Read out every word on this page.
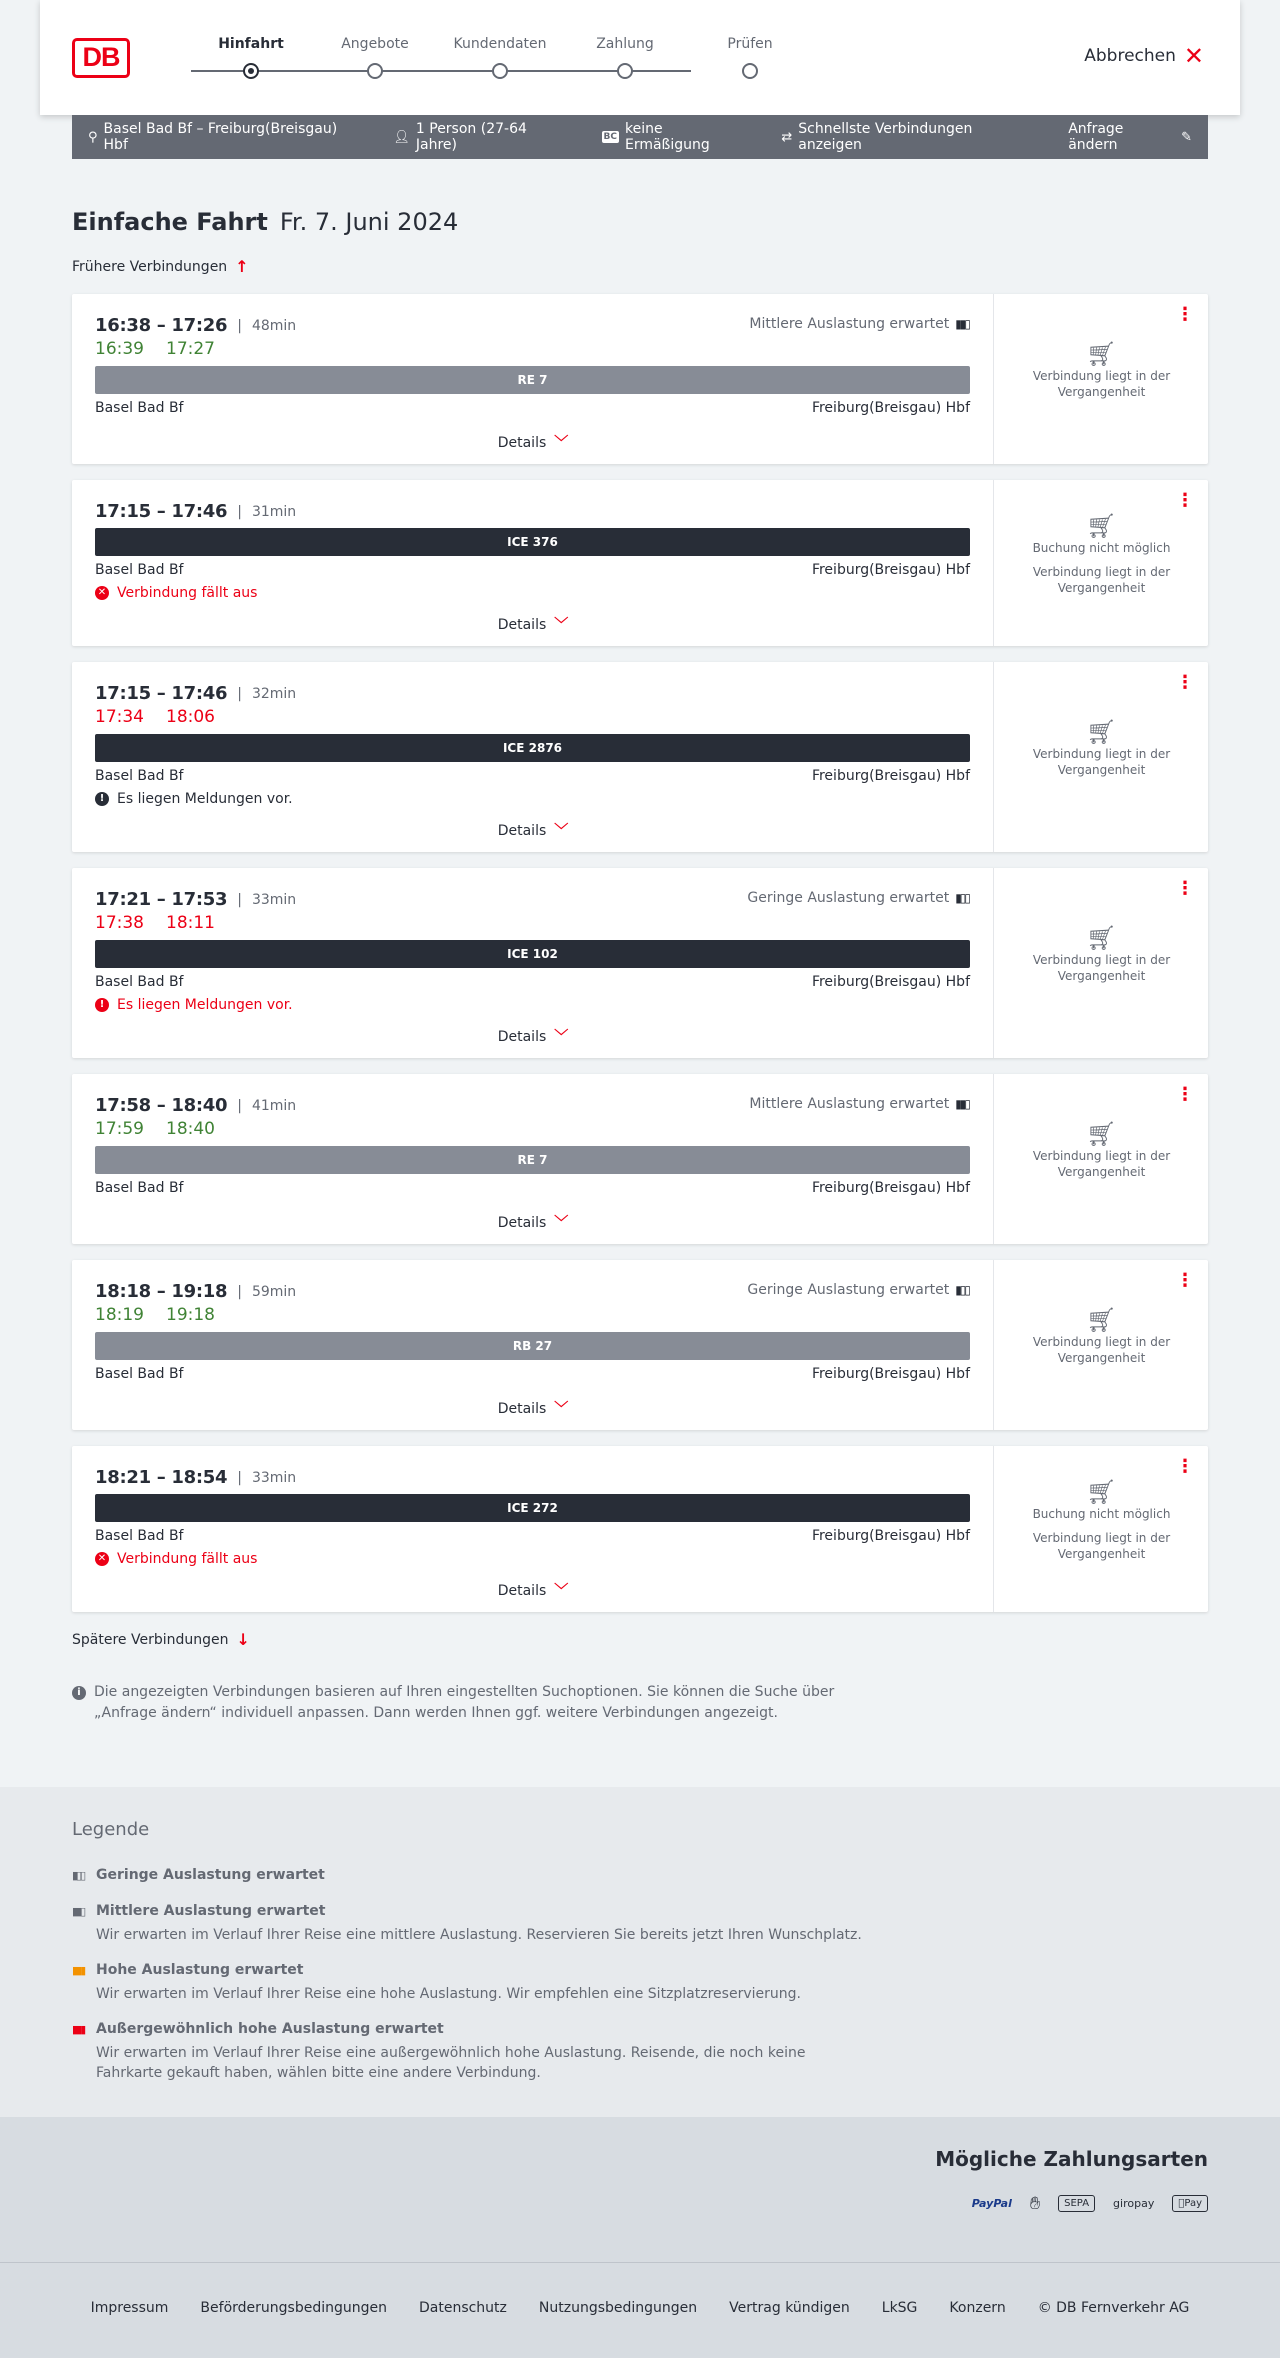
DB	Hinfahrt	Angebote	Kundendaten	Zahlung	Prüfen
Abbrechen ✕
⚲ Basel Bad Bf – Freiburg(Breisgau) Hbf	👤︎ 1 Person (27-64 Jahre)	BC keine Ermäßigung	⇄ Schnellste Verbindungen anzeigen
Anfrage ändern	✎
Einfache Fahrt Fr. 7. Juni 2024
Frühere Verbindungen ↑
16:38 – 17:26 | 48min
16:39 17:27
Mittlere Auslastung erwartet ▮▮▯
RE 7
Basel Bad Bf	Freiburg(Breisgau) Hbf
Details ﹀
⋮
🛒︎

Verbindung liegt in der Vergangenheit

17:15 – 17:46 | 31min
ICE 376
Basel Bad Bf	Freiburg(Breisgau) Hbf
✕ Verbindung fällt aus
Details ﹀
⋮
🛒︎

Buchung nicht möglich

Verbindung liegt in der Vergangenheit

17:15 – 17:46 | 32min
17:34 18:06
ICE 2876
Basel Bad Bf	Freiburg(Breisgau) Hbf
! Es liegen Meldungen vor.
Details ﹀
⋮
🛒︎

Verbindung liegt in der Vergangenheit

17:21 – 17:53 | 33min
17:38 18:11
Geringe Auslastung erwartet ▮▯▯
ICE 102
Basel Bad Bf	Freiburg(Breisgau) Hbf
! Es liegen Meldungen vor.
Details ﹀
⋮
🛒︎

Verbindung liegt in der Vergangenheit

17:58 – 18:40 | 41min
17:59 18:40
Mittlere Auslastung erwartet ▮▮▯
RE 7
Basel Bad Bf	Freiburg(Breisgau) Hbf
Details ﹀
⋮
🛒︎

Verbindung liegt in der Vergangenheit

18:18 – 19:18 | 59min
18:19 19:18
Geringe Auslastung erwartet ▮▯▯
RB 27
Basel Bad Bf	Freiburg(Breisgau) Hbf
Details ﹀
⋮
🛒︎

Verbindung liegt in der Vergangenheit

18:21 – 18:54 | 33min
ICE 272
Basel Bad Bf	Freiburg(Breisgau) Hbf
✕ Verbindung fällt aus
Details ﹀
⋮
🛒︎

Buchung nicht möglich

Verbindung liegt in der Vergangenheit

Spätere Verbindungen ↓
i Die angezeigten Verbindungen basieren auf Ihren eingestellten Suchoptionen. Sie können die Suche über „Anfrage ändern“ individuell anpassen. Dann werden Ihnen ggf. weitere Verbindungen angezeigt.
Legende
▮▯▯ Geringe Auslastung erwartet
▮▮▯ Mittlere Auslastung erwartet
Wir erwarten im Verlauf Ihrer Reise eine mittlere Auslastung. Reservieren Sie bereits jetzt Ihren Wunschplatz.
▮▮▮ Hohe Auslastung erwartet
Wir erwarten im Verlauf Ihrer Reise eine hohe Auslastung. Wir empfehlen eine Sitzplatzreservierung.
▮▮▮ Außergewöhnlich hohe Auslastung erwartet
Wir erwarten im Verlauf Ihrer Reise eine außergewöhnlich hohe Auslastung. Reisende, die noch keine Fahrkarte gekauft haben, wählen bitte eine andere Verbindung.
Mögliche Zahlungsarten
PayPal	✋︎	SEPA	giropay	Pay
Impressum Beförderungsbedingungen Datenschutz Nutzungsbedingungen Vertrag kündigen LkSG Konzern © DB Fernverkehr AG
